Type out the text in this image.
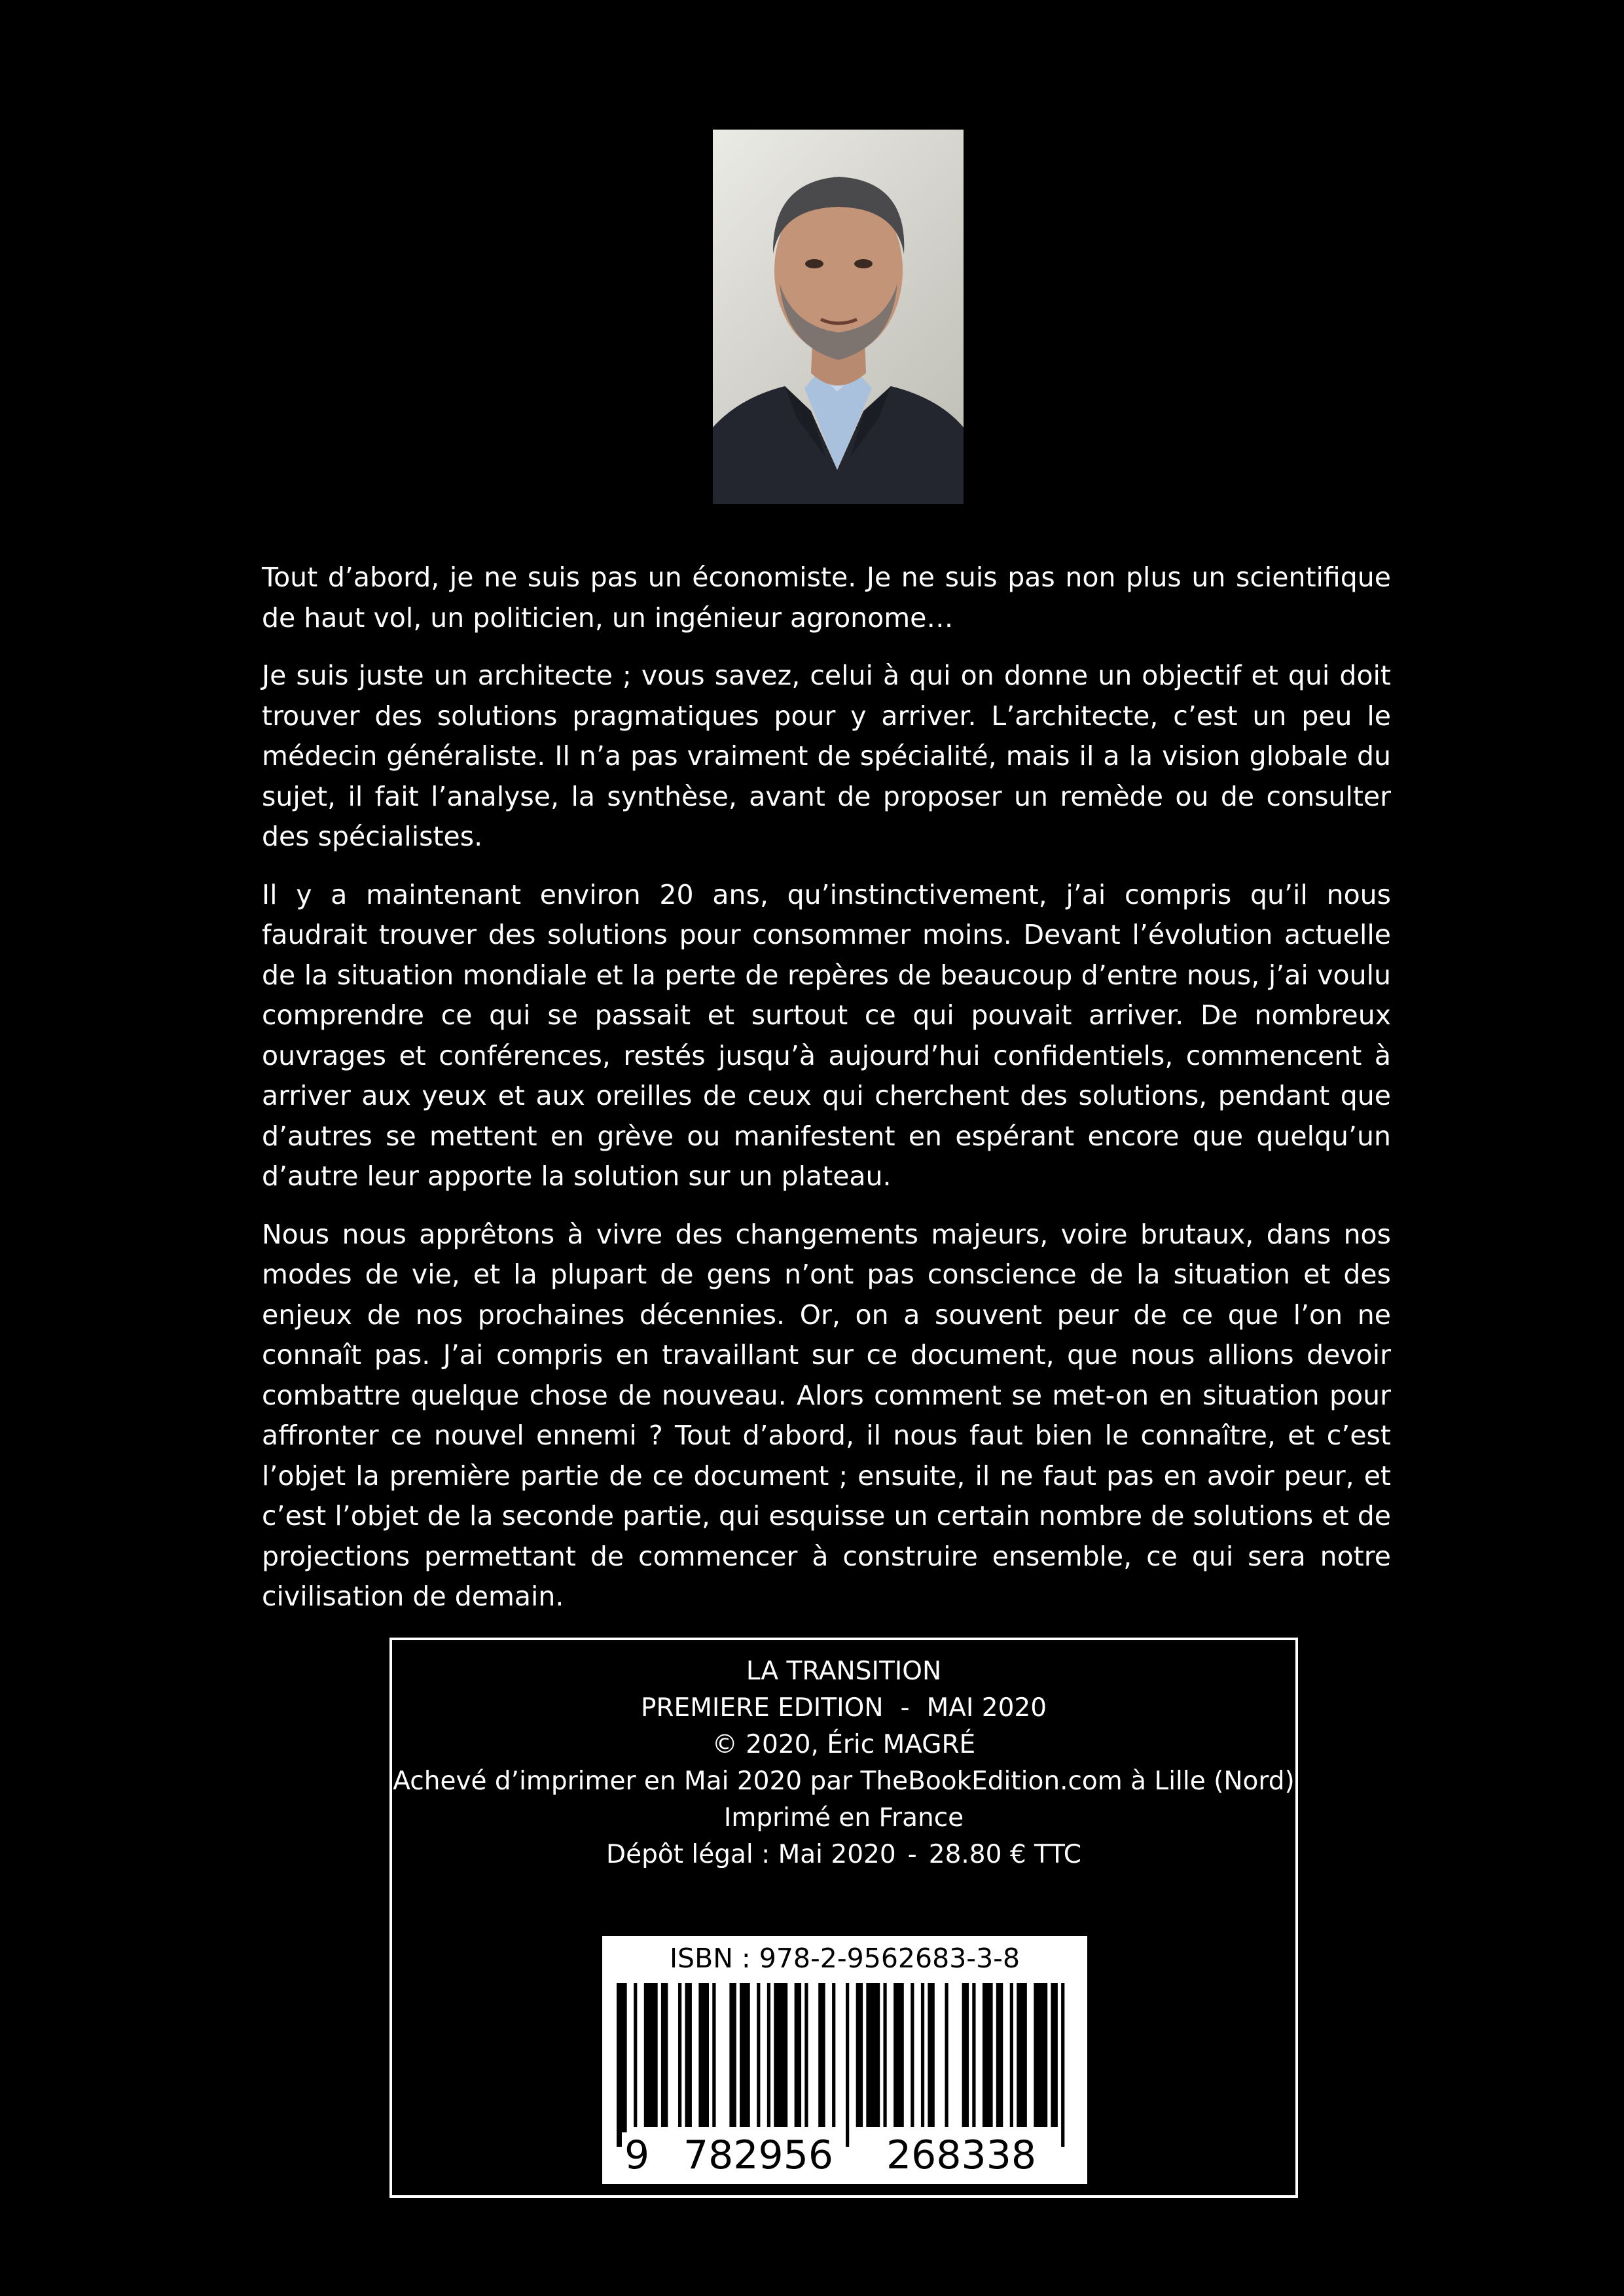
Tout d’abord, je ne suis pas un économiste. Je ne suis pas non plus un scientifique de haut vol, un politicien, un ingénieur agronome…

Je suis juste un architecte ; vous savez, celui à qui on donne un objectif et qui doit trouver des solutions pragmatiques pour y arriver. L’architecte, c’est un peu le médecin généraliste. Il n’a pas vraiment de spécialité, mais il a la vision globale du sujet, il fait l’analyse, la synthèse, avant de proposer un remède ou de consulter des spécialistes.

Il y a maintenant environ 20 ans, qu’instinctivement, j’ai compris qu’il nous faudrait trouver des solutions pour consommer moins. Devant l’évolution actuelle de la situation mondiale et la perte de repères de beaucoup d’entre nous, j’ai voulu comprendre ce qui se passait et surtout ce qui pouvait arriver. De nombreux ouvrages et conférences, restés jusqu’à aujourd’hui confidentiels, commencent à arriver aux yeux et aux oreilles de ceux qui cherchent des solutions, pendant que d’autres se mettent en grève ou manifestent en espérant encore que quelqu’un d’autre leur apporte la solution sur un plateau.

Nous nous apprêtons à vivre des changements majeurs, voire brutaux, dans nos modes de vie, et la plupart de gens n’ont pas conscience de la situation et des enjeux de nos prochaines décennies. Or, on a souvent peur de ce que l’on ne connaît pas. J’ai compris en travaillant sur ce document, que nous allions devoir combattre quelque chose de nouveau. Alors comment se met-on en situation pour affronter ce nouvel ennemi ? Tout d’abord, il nous faut bien le connaître, et c’est l’objet la première partie de ce document ; ensuite, il ne faut pas en avoir peur, et c’est l’objet de la seconde partie, qui esquisse un certain nombre de solutions et de projections permettant de commencer à construire ensemble, ce qui sera notre civilisation de demain.

LA TRANSITION
PREMIERE EDITION - MAI 2020
© 2020, Éric MAGRÉ
Achevé d’imprimer en Mai 2020 par TheBookEdition.com à Lille (Nord)
Imprimé en France
Dépôt légal : Mai 2020 - 28.80 € TTC
ISBN : 978-2-9562683-3-8
9 782956 268338
